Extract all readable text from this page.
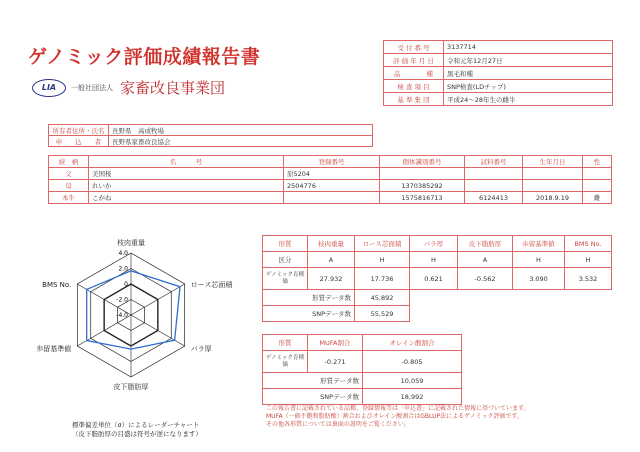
ゲノミック評価成績報告書
LIA	一般社団法人 家畜改良事業団
受 付 番 号	3137714
評 価 年 月 日	令和元年12月27日
品　　　　種	黒毛和種
検 査 項 目	SNP検査(LDチップ)
基 準 集 団	平成24～28年生の雌牛
所有者住所・氏名	長野県　高成牧場
申　　込　　者	長野県家畜改良協会
続　柄	名　　　号	登録番号	個体識別番号	試料番号	生年月日	性
父	美国桜	原5204				
母	れいか	2504776	1370385292			
本牛	こがね		1575816713	6124413	2018.9.19	雌
形質	枝肉重量	ロース芯面積	バラ厚	皮下脂肪厚	歩留基準値	BMS No.
区分	A	H	H	A	H	H
ゲノミック育種価	27.932	17.736	0.621	-0.562	3.090	3.532
形質データ数		45,892				
SNPデータ数		55,529				
形質	MUFA割合	オレイン酸割合
ゲノミック育種価	-0.271	-0.805
形質データ数		10,059
SNPデータ数		18,992
この報告書に記載されている品種、登録情報等は「申込書」に記載された情報に基づいています。
MUFA（一価不飽和脂肪酸）割合およびオレイン酸割合はGBLUP法によるゲノミック評価です。
その他各形質については裏面の説明をご覧ください。
4.0
2.0
0
-2.0
-4.0
枝肉重量
ロース芯面積
バラ厚
皮下脂肪厚
歩留基準値
BMS No.
標準偏差単位（σ）によるレーダーチャート
（皮下脂肪厚の目盛は符号が逆になります）
